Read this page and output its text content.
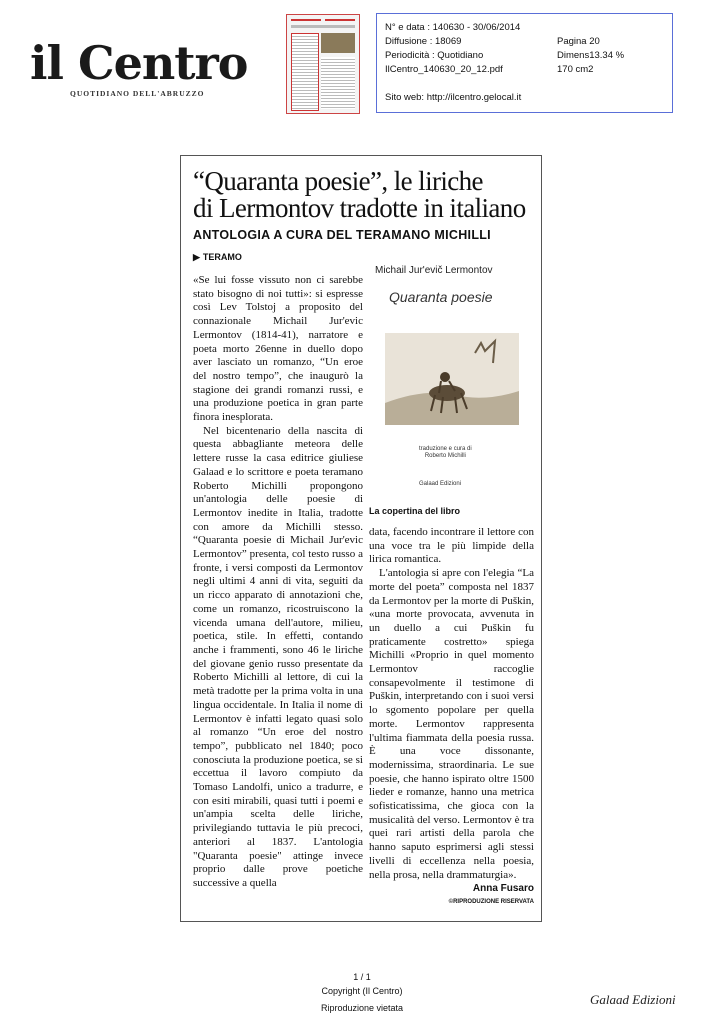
il Centro
QUOTIDIANO DELL'ABRUZZO
N° e data : 140630 - 30/06/2014
Diffusione : 18069	Pagina 20
Periodicità : Quotidiano	Dimens13.34 %
IlCentro_140630_20_12.pdf	170 cm2
Sito web: http://ilcentro.gelocal.it
“Quaranta poesie”, le liriche
di Lermontov tradotte in italiano
ANTOLOGIA A CURA DEL TERAMANO MICHILLI
▶ TERAMO

«Se lui fosse vissuto non ci sarebbe stato bisogno di noi tutti»: si espresse così Lev Tolstoj a proposito del connazionale Michail Jur'evic Lermontov (1814-41), narratore e poeta morto 26enne in duello dopo aver lasciato un romanzo, “Un eroe del nostro tempo”, che inaugurò la stagione dei grandi romanzi russi, e una produzione poetica in gran parte finora inesplorata.

Nel bicentenario della nascita di questa abbagliante meteora delle lettere russe la casa editrice giuliese Galaad e lo scrittore e poeta teramano Roberto Michilli propongono un'antologia delle poesie di Lermontov inedite in Italia, tradotte con amore da Michilli stesso. “Quaranta poesie di Michail Jur'evic Lermontov” presenta, col testo russo a fronte, i versi composti da Lermontov negli ultimi 4 anni di vita, seguiti da un ricco apparato di annotazioni che, come un romanzo, ricostruiscono la vicenda umana dell'autore, milieu, poetica, stile. In effetti, contando anche i frammenti, sono 46 le liriche del giovane genio russo presentate da Roberto Michilli al lettore, di cui la metà tradotte per la prima volta in una lingua occidentale. In Italia il nome di Lermontov è infatti legato quasi solo al romanzo “Un eroe del nostro tempo”, pubblicato nel 1840; poco conosciuta la produzione poetica, se si eccettua il lavoro compiuto da Tomaso Landolfi, unico a tradurre, e con esiti mirabili, quasi tutti i poemi e un'ampia scelta delle liriche, privilegiando tuttavia le più precoci, anteriori al 1837. L'antologia "Quaranta poesie" attinge invece proprio dalle prove poetiche successive a quella

Michail Jur'evič Lermontov
Quaranta poesie
traduzione e cura di
Roberto Michilli
Galaad Edizioni
La copertina del libro

data, facendo incontrare il lettore con una voce tra le più limpide della lirica romantica.

L'antologia si apre con l'elegia “La morte del poeta” composta nel 1837 da Lermontov per la morte di Puškin, «una morte provocata, avvenuta in un duello a cui Puškin fu praticamente costretto» spiega Michilli «Proprio in quel momento Lermontov raccoglie consapevolmente il testimone di Puškin, interpretando con i suoi versi lo sgomento popolare per quella morte. Lermontov rappresenta l'ultima fiammata della poesia russa. È una voce dissonante, modernissima, straordinaria. Le sue poesie, che hanno ispirato oltre 1500 lieder e romanze, hanno una metrica sofisticatissima, che gioca con la musicalità del verso. Lermontov è tra quei rari artisti della parola che hanno saputo esprimersi agli stessi livelli di eccellenza nella poesia, nella prosa, nella drammaturgia».

Anna Fusaro
©RIPRODUZIONE RISERVATA
1 / 1
Copyright (Il Centro)
Riproduzione vietata
Galaad Edizioni
